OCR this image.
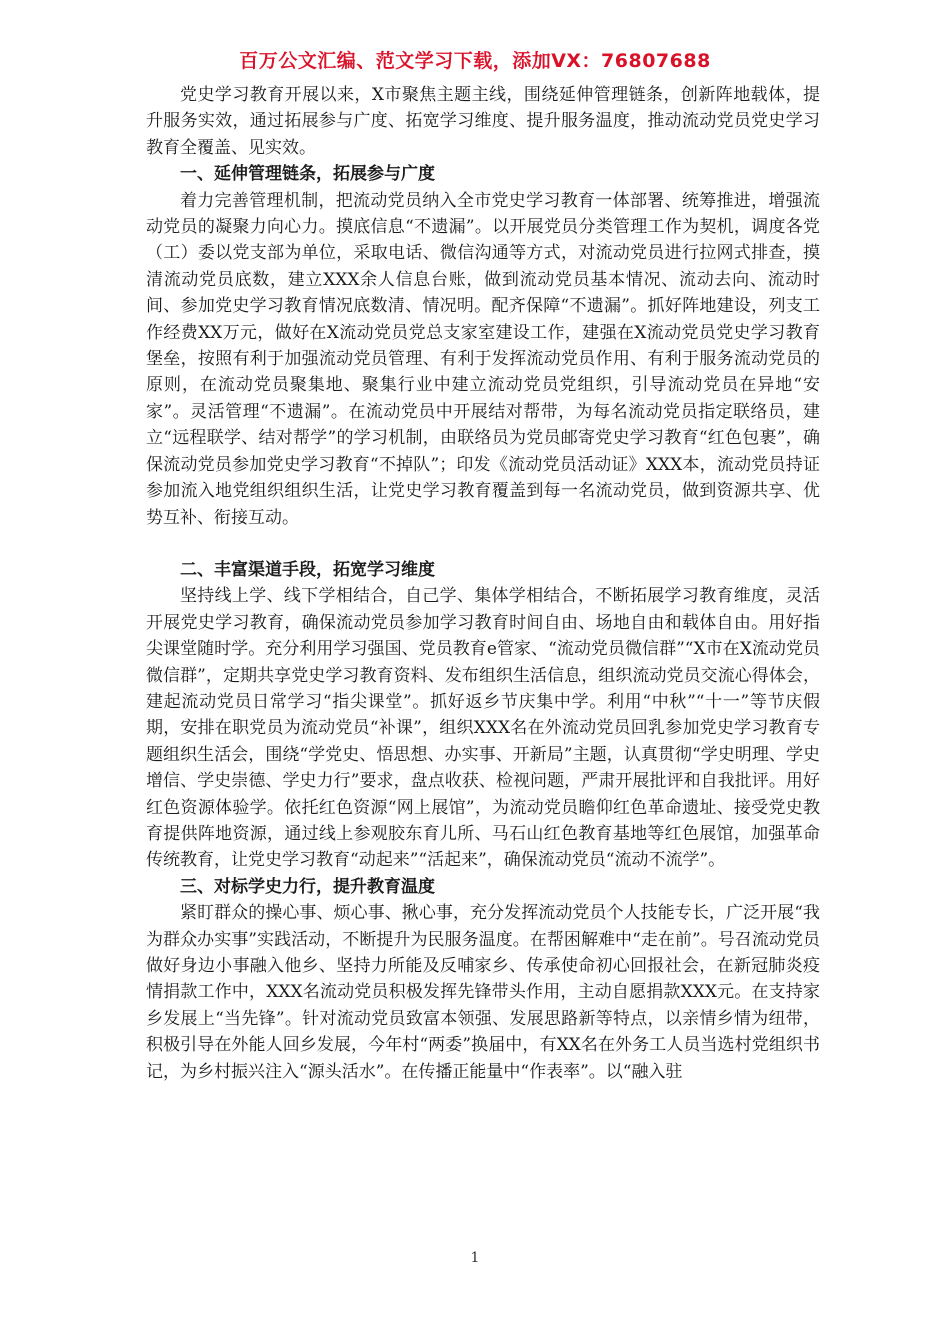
百万公文汇编、范文学习下载，添加VX：76807688

党史学习教育开展以来，X市聚焦主题主线，围绕延伸管理链条，创新阵地载体，提升服务实效，通过拓展参与广度、拓宽学习维度、提升服务温度，推动流动党员党史学习教育全覆盖、见实效。

一、延伸管理链条，拓展参与广度

着力完善管理机制，把流动党员纳入全市党史学习教育一体部署、统筹推进，增强流动党员的凝聚力向心力。摸底信息“不遗漏”。以开展党员分类管理工作为契机，调度各党（工）委以党支部为单位，采取电话、微信沟通等方式，对流动党员进行拉网式排查，摸清流动党员底数，建立XXX余人信息台账，做到流动党员基本情况、流动去向、流动时间、参加党史学习教育情况底数清、情况明。配齐保障“不遗漏”。抓好阵地建设，列支工作经费XX万元，做好在X流动党员党总支家室建设工作，建强在X流动党员党史学习教育堡垒，按照有利于加强流动党员管理、有利于发挥流动党员作用、有利于服务流动党员的原则，在流动党员聚集地、聚集行业中建立流动党员党组织，引导流动党员在异地“安家”。灵活管理“不遗漏”。在流动党员中开展结对帮带，为每名流动党员指定联络员，建立“远程联学、结对帮学”的学习机制，由联络员为党员邮寄党史学习教育“红色包裹”，确保流动党员参加党史学习教育“不掉队”；印发《流动党员活动证》XXX本，流动党员持证参加流入地党组织组织生活，让党史学习教育覆盖到每一名流动党员，做到资源共享、优势互补、衔接互动。

二、丰富渠道手段，拓宽学习维度

坚持线上学、线下学相结合，自己学、集体学相结合，不断拓展学习教育维度，灵活开展党史学习教育，确保流动党员参加学习教育时间自由、场地自由和载体自由。用好指尖课堂随时学。充分利用学习强国、党员教育e管家、“流动党员微信群”“X市在X流动党员微信群”，定期共享党史学习教育资料、发布组织生活信息，组织流动党员交流心得体会，建起流动党员日常学习“指尖课堂”。抓好返乡节庆集中学。利用“中秋”“十一”等节庆假期，安排在职党员为流动党员“补课”，组织XXX名在外流动党员回乳参加党史学习教育专题组织生活会，围绕“学党史、悟思想、办实事、开新局”主题，认真贯彻“学史明理、学史增信、学史崇德、学史力行”要求，盘点收获、检视问题，严肃开展批评和自我批评。用好红色资源体验学。依托红色资源“网上展馆”，为流动党员瞻仰红色革命遗址、接受党史教育提供阵地资源，通过线上参观胶东育儿所、马石山红色教育基地等红色展馆，加强革命传统教育，让党史学习教育“动起来”“活起来”，确保流动党员“流动不流学”。

三、对标学史力行，提升教育温度

紧盯群众的操心事、烦心事、揪心事，充分发挥流动党员个人技能专长，广泛开展“我为群众办实事”实践活动，不断提升为民服务温度。在帮困解难中“走在前”。号召流动党员做好身边小事融入他乡、坚持力所能及反哺家乡、传承使命初心回报社会，在新冠肺炎疫情捐款工作中，XXX名流动党员积极发挥先锋带头作用，主动自愿捐款XXX元。在支持家乡发展上“当先锋”。针对流动党员致富本领强、发展思路新等特点，以亲情乡情为纽带，积极引导在外能人回乡发展，今年村“两委”换届中，有XX名在外务工人员当选村党组织书记，为乡村振兴注入“源头活水”。在传播正能量中“作表率”。以“融入驻

1
